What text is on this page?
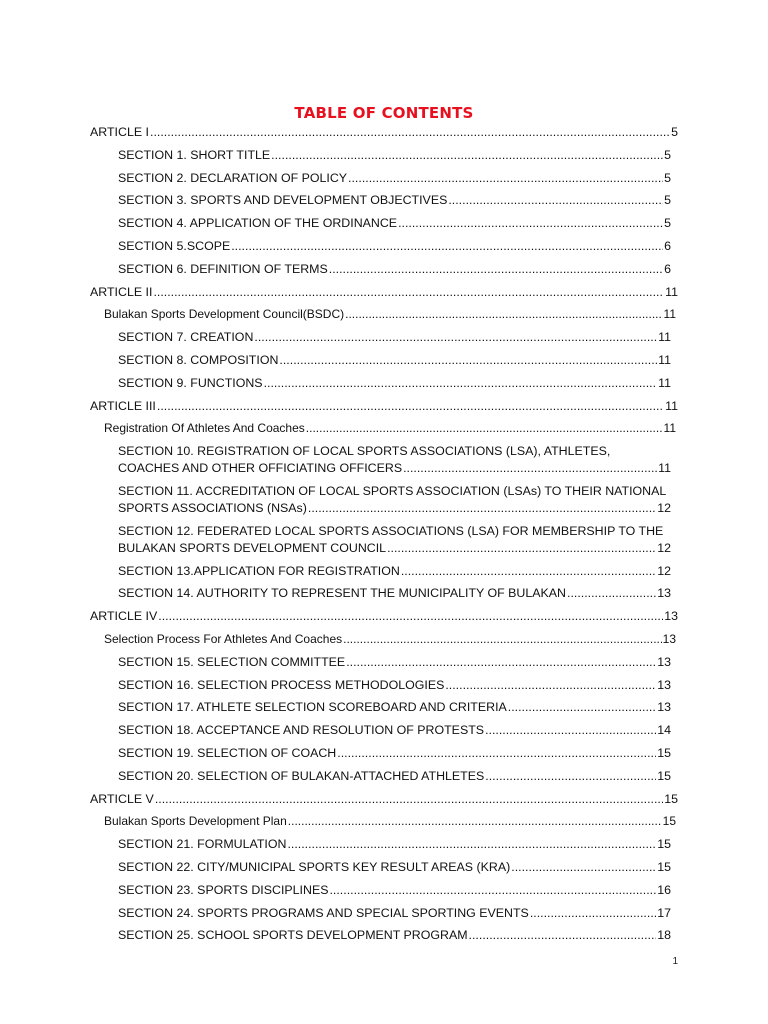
TABLE OF CONTENTS
ARTICLE I .....	5
SECTION 1. SHORT TITLE .....	5
SECTION 2. DECLARATION OF POLICY .....	5
SECTION 3. SPORTS AND DEVELOPMENT OBJECTIVES .....	5
SECTION 4. APPLICATION OF THE ORDINANCE .....	5
SECTION 5.SCOPE .....	6
SECTION 6. DEFINITION OF TERMS .....	6
ARTICLE II .....	11
Bulakan Sports Development Council(BSDC) .....	11
SECTION 7. CREATION .....	11
SECTION 8. COMPOSITION .....	11
SECTION 9. FUNCTIONS .....	11
ARTICLE III .....	11
Registration Of Athletes And Coaches .....	11
SECTION 10. REGISTRATION OF LOCAL SPORTS ASSOCIATIONS (LSA), ATHLETES,
COACHES AND OTHER OFFICIATING OFFICERS .....	11
SECTION 11. ACCREDITATION OF LOCAL SPORTS ASSOCIATION (LSAs) TO THEIR NATIONAL
SPORTS ASSOCIATIONS (NSAs) .....	12
SECTION 12. FEDERATED LOCAL SPORTS ASSOCIATIONS (LSA) FOR MEMBERSHIP TO THE
BULAKAN SPORTS DEVELOPMENT COUNCIL .....	12
SECTION 13.APPLICATION FOR REGISTRATION .....	12
SECTION 14. AUTHORITY TO REPRESENT THE MUNICIPALITY OF BULAKAN .....	13
ARTICLE IV .....	13
Selection Process For Athletes And Coaches .....	13
SECTION 15. SELECTION COMMITTEE .....	13
SECTION 16. SELECTION PROCESS METHODOLOGIES .....	13
SECTION 17. ATHLETE SELECTION SCOREBOARD AND CRITERIA .....	13
SECTION 18. ACCEPTANCE AND RESOLUTION OF PROTESTS .....	14
SECTION 19. SELECTION OF COACH .....	15
SECTION 20. SELECTION OF BULAKAN-ATTACHED ATHLETES .....	15
ARTICLE V .....	15
Bulakan Sports Development Plan .....	15
SECTION 21. FORMULATION .....	15
SECTION 22. CITY/MUNICIPAL SPORTS KEY RESULT AREAS (KRA) .....	15
SECTION 23. SPORTS DISCIPLINES .....	16
SECTION 24. SPORTS PROGRAMS AND SPECIAL SPORTING EVENTS .....	17
SECTION 25. SCHOOL SPORTS DEVELOPMENT PROGRAM .....	18
1
